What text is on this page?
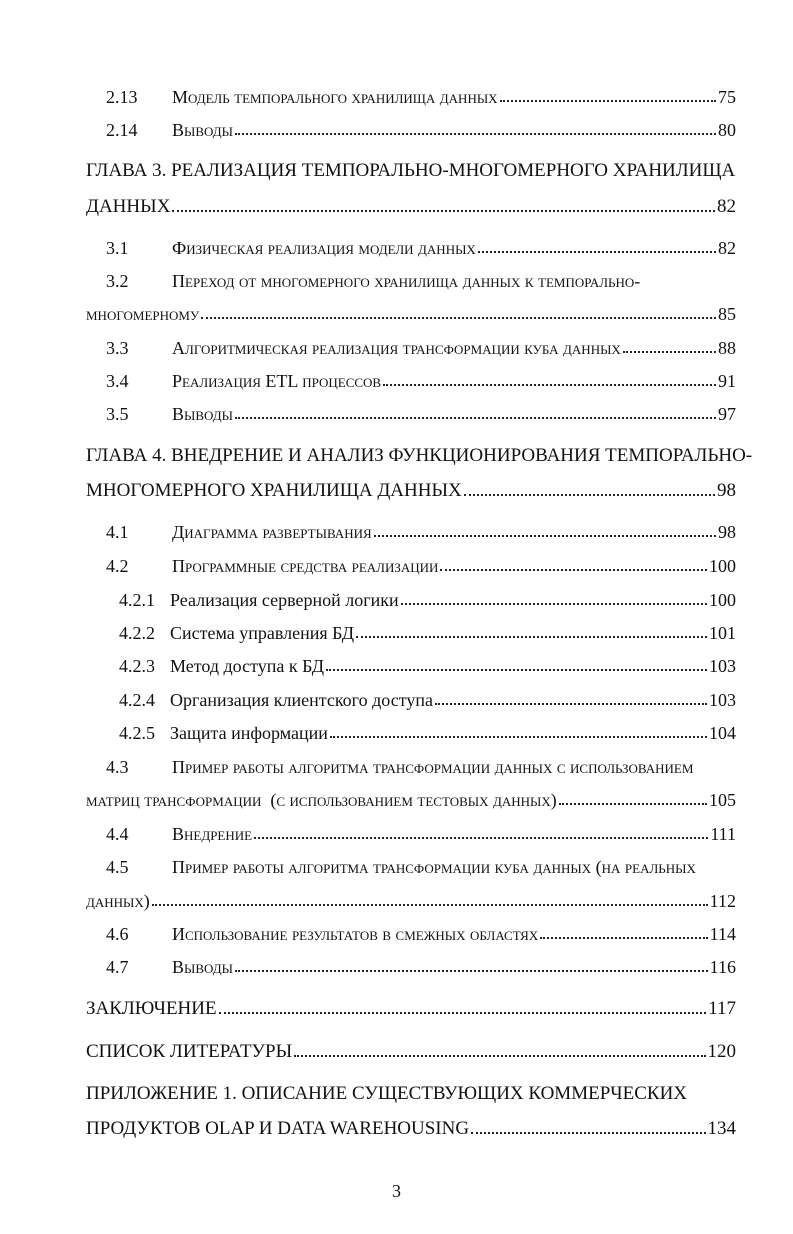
2.13	Модель темпорального хранилища данных	75
2.14	Выводы	80
ГЛАВА 3. РЕАЛИЗАЦИЯ ТЕМПОРАЛЬНО-МНОГОМЕРНОГО ХРАНИЛИЩА
ДАННЫХ	82
3.1	Физическая реализация модели данных	82
3.2 Переход от многомерного хранилища данных к темпорально-
многомерному	85
3.3	Алгоритмическая реализация трансформации куба данных	88
3.4	Реализация ETL процессов	91
3.5	Выводы	97
ГЛАВА 4. ВНЕДРЕНИЕ И АНАЛИЗ ФУНКЦИОНИРОВАНИЯ ТЕМПОРАЛЬНО-
МНОГОМЕРНОГО ХРАНИЛИЩА ДАННЫХ	98
4.1	Диаграмма развертывания	98
4.2	Программные средства реализации	100
4.2.1 Реализация серверной логики	100
4.2.2 Система управления БД	101
4.2.3 Метод доступа к БД	103
4.2.4 Организация клиентского доступа	103
4.2.5 Защита информации	104
4.3 Пример работы алгоритма трансформации данных с использованием
матриц трансформации  (с использованием тестовых данных)	105
4.4	Внедрение	111
4.5 Пример работы алгоритма трансформации куба данных (на реальных
данных)	112
4.6	Использование результатов в смежных областях	114
4.7	Выводы	116
ЗАКЛЮЧЕНИЕ	117
СПИСОК ЛИТЕРАТУРЫ	120
ПРИЛОЖЕНИЕ 1. ОПИСАНИЕ СУЩЕСТВУЮЩИХ КОММЕРЧЕСКИХ
ПРОДУКТОВ OLAP И DATA WAREHOUSING	134
3
